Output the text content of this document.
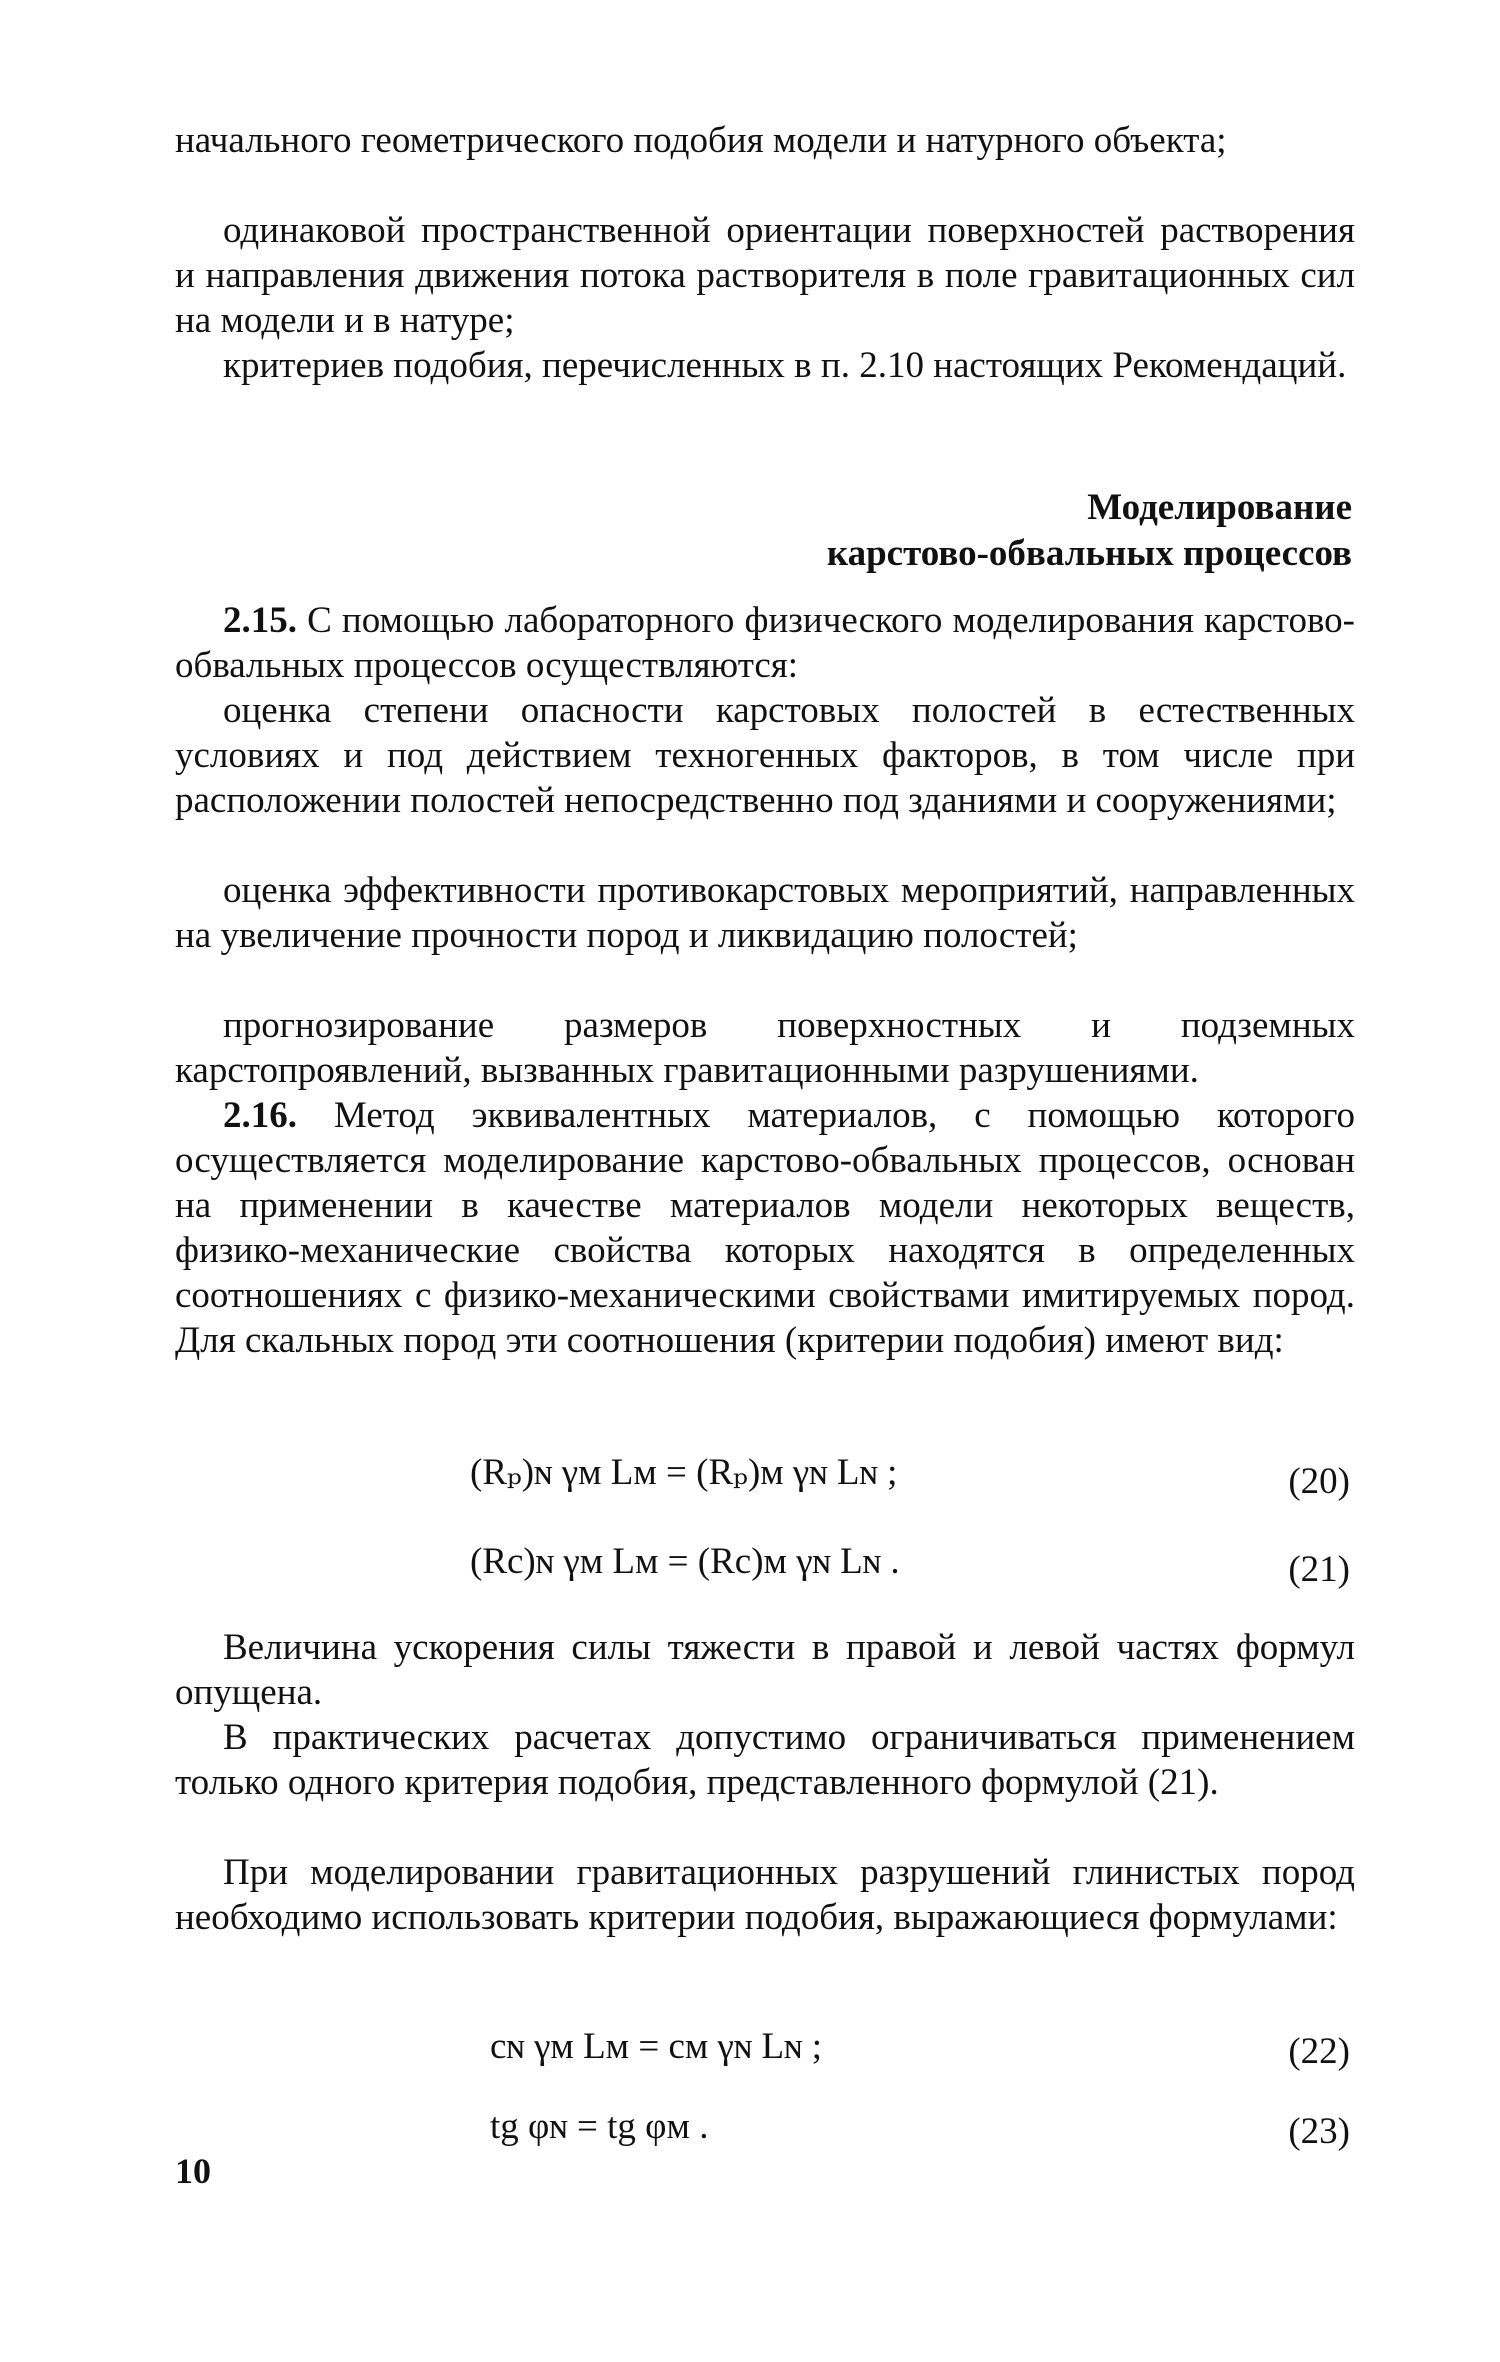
начального геометрического подобия модели и натурного объекта;

одинаковой пространственной ориентации поверхностей растворения и направления движения потока растворителя в поле гравитационных сил на модели и в натуре;

критериев подобия, перечисленных в п. 2.10 настоящих Рекомендаций.

Моделирование

карстово-обвальных процессов

2.15. С помощью лабораторного физического моделирования карстово-обвальных процессов осуществляются:

оценка степени опасности карстовых полостей в естественных условиях и под действием техногенных факторов, в том числе при расположении полостей непосредственно под зданиями и сооружениями;

оценка эффективности противокарстовых мероприятий, направленных на увеличение прочности пород и ликвидацию полостей;

прогнозирование размеров поверхностных и подземных карстопроявлений, вызванных гравитационными разрушениями.

2.16. Метод эквивалентных материалов, с помощью которого осуществляется моделирование карстово-обвальных процессов, основан на применении в качестве материалов модели некоторых веществ, физико-механические свойства которых находятся в определенных соотношениях с физико-механическими свойствами имитируемых пород. Для скальных пород эти соотношения (критерии подобия) имеют вид:

(Rₚ)ɴ γᴍ Lᴍ = (Rₚ)ᴍ γɴ Lɴ ;	(20)
(Rc)ɴ γᴍ Lᴍ = (Rc)ᴍ γɴ Lɴ .	(21)

Величина ускорения силы тяжести в правой и левой частях формул опущена.

В практических расчетах допустимо ограничиваться применением только одного критерия подобия, представленного формулой (21).

При моделировании гравитационных разрушений глинистых пород необходимо использовать критерии подобия, выражающиеся формулами:

cɴ γᴍ Lᴍ = cᴍ γɴ Lɴ ;	(22)
tg φɴ = tg φᴍ .	(23)
10
